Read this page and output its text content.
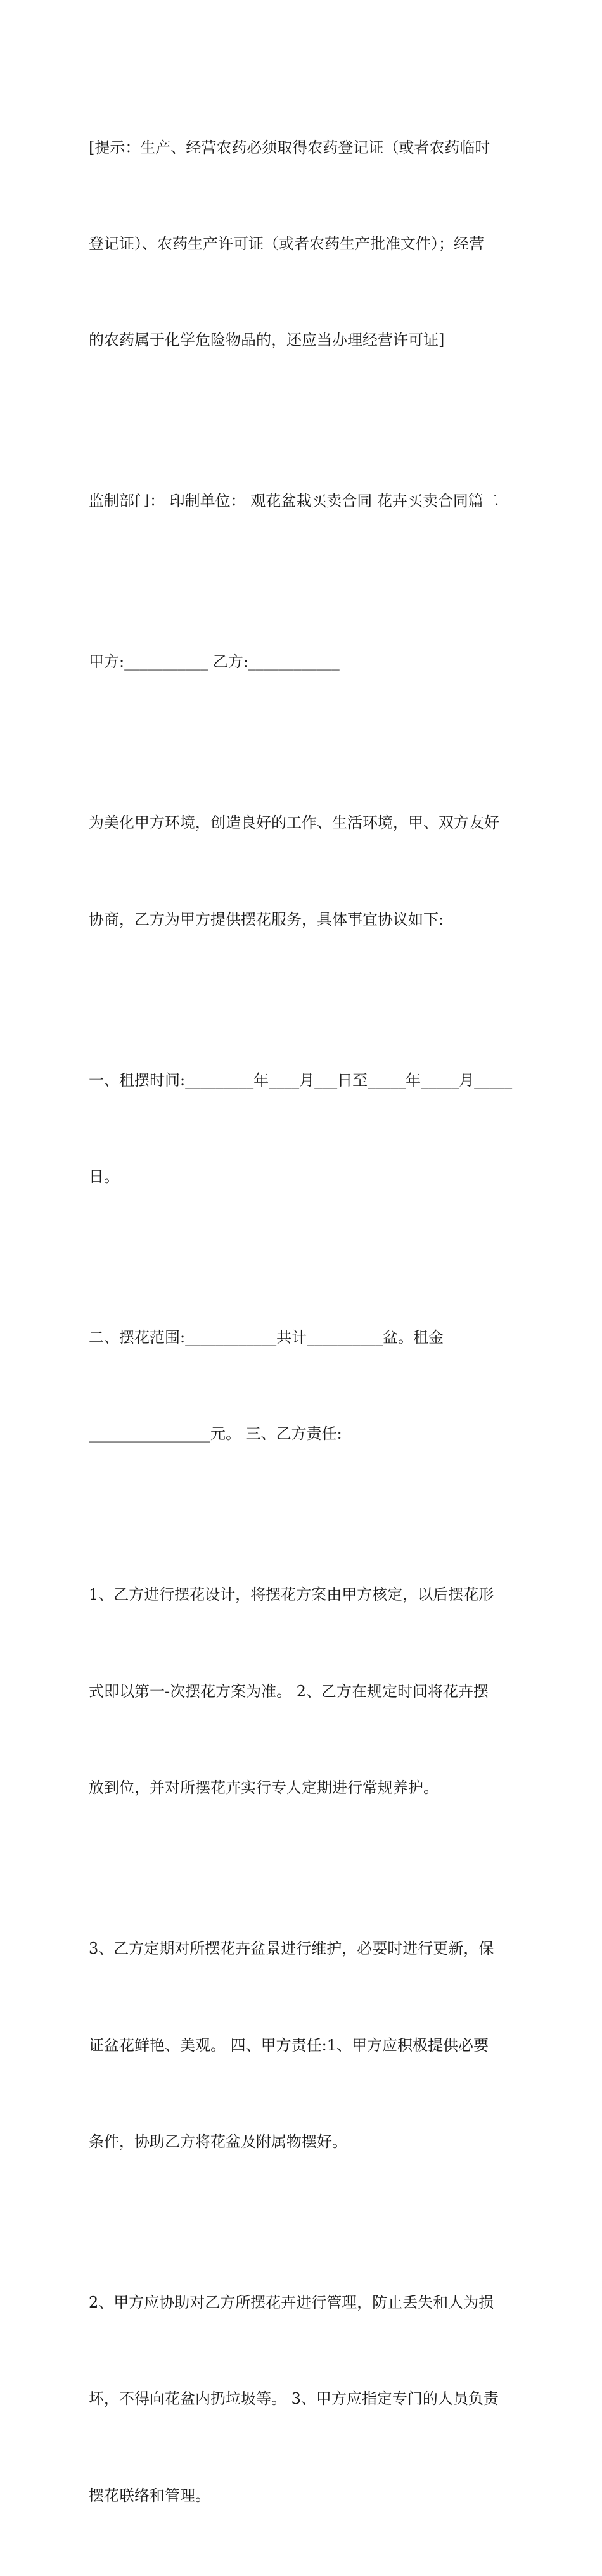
[提示：生产、经营农药必须取得农药登记证（或者农药临时

登记证）、农药生产许可证（或者农药生产批准文件）；经营

的农药属于化学危险物品的，还应当办理经营许可证]

监制部门： 印制单位： 观花盆栽买卖合同 花卉买卖合同篇二

甲方:___________ 乙方:____________

为美化甲方环境，创造良好的工作、生活环境，甲、双方友好

协商，乙方为甲方提供摆花服务，具体事宜协议如下:

一、租摆时间:_________年____月___日至_____年_____月_____

日。

二、摆花范围:____________共计__________盆。租金

________________元。 三、乙方责任:

1、乙方进行摆花设计，将摆花方案由甲方核定，以后摆花形

式即以第一-次摆花方案为准。 2、乙方在规定时间将花卉摆

放到位，并对所摆花卉实行专人定期进行常规养护。

3、乙方定期对所摆花卉盆景进行维护，必要时进行更新，保

证盆花鲜艳、美观。 四、甲方责任:1、甲方应积极提供必要

条件，协助乙方将花盆及附属物摆好。

2、甲方应协助对乙方所摆花卉进行管理，防止丢失和人为损

坏，不得向花盆内扔垃圾等。 3、甲方应指定专门的人员负责

摆花联络和管理。
